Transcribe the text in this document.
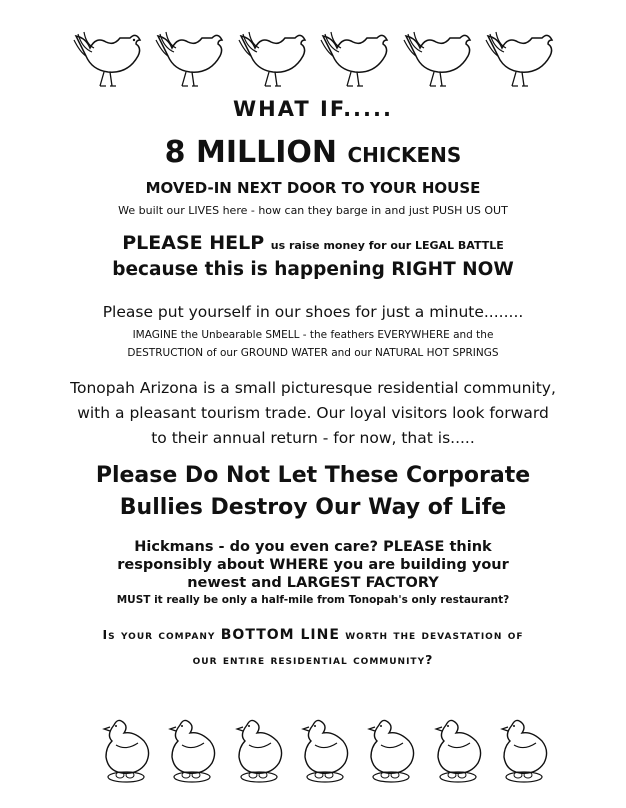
WHAT IF.....
8 MILLION CHICKENS
MOVED-IN NEXT DOOR TO YOUR HOUSE
We built our LIVES here - how can they barge in and just PUSH US OUT
PLEASE HELP us raise money for our LEGAL BATTLE
because this is happening RIGHT NOW
Please put yourself in our shoes for just a minute........
IMAGINE the Unbearable SMELL - the feathers EVERYWHERE and the
DESTRUCTION of our GROUND WATER and our NATURAL HOT SPRINGS
Tonopah Arizona is a small picturesque residential community,
with a pleasant tourism trade. Our loyal visitors look forward
to their annual return - for now, that is.....
Please Do Not Let These Corporate
Bullies Destroy Our Way of Life
Hickmans - do you even care? PLEASE think
responsibly about WHERE you are building your
newest and LARGEST FACTORY
MUST it really be only a half-mile from Tonopah's only restaurant?
Is your company BOTTOM LINE worth the devastation of
our entire residential community?
